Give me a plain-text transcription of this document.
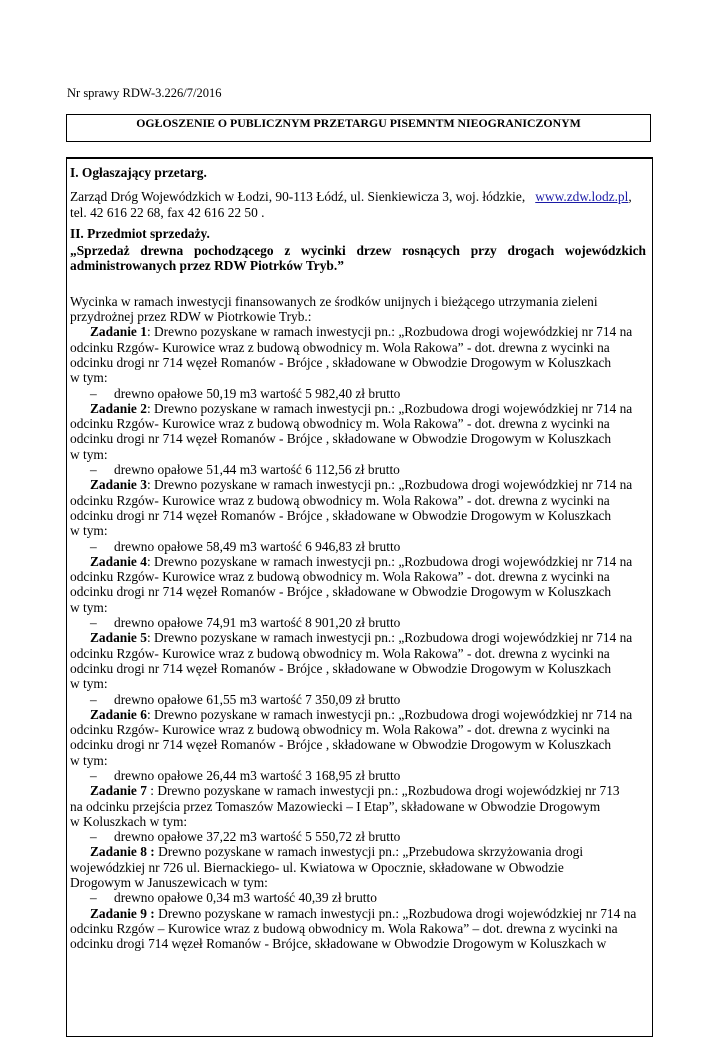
Nr sprawy RDW-3.226/7/2016
OGŁOSZENIE O PUBLICZNYM PRZETARGU PISEMNTM NIEOGRANICZONYM

I. Ogłaszający przetarg.

Zarząd Dróg Wojewódzkich w Łodzi, 90-113 Łódź, ul. Sienkiewicza 3, woj. łódzkie, www.zdw.lodz.pl,

tel. 42 616 22 68, fax 42 616 22 50 .

II. Przedmiot sprzedaży.

„Sprzedaż drewna pochodzącego z wycinki drzew rosnących przy drogach wojewódzkich administrowanych przez RDW Piotrków Tryb.”

Wycinka w ramach inwestycji finansowanych ze środków unijnych i bieżącego utrzymania zieleni przydrożnej przez RDW w Piotrkowie Tryb.:

Zadanie 1: Drewno pozyskane w ramach inwestycji pn.: „Rozbudowa drogi wojewódzkiej nr 714 na

odcinku Rzgów- Kurowice wraz z budową obwodnicy m. Wola Rakowa” - dot. drewna z wycinki na

odcinku drogi nr 714 węzeł Romanów - Brójce , składowane w Obwodzie Drogowym w Koluszkach

w tym:

– drewno opałowe 50,19 m3 wartość 5 982,40 zł brutto

Zadanie 2: Drewno pozyskane w ramach inwestycji pn.: „Rozbudowa drogi wojewódzkiej nr 714 na

odcinku Rzgów- Kurowice wraz z budową obwodnicy m. Wola Rakowa” - dot. drewna z wycinki na

odcinku drogi nr 714 węzeł Romanów - Brójce , składowane w Obwodzie Drogowym w Koluszkach

w tym:

– drewno opałowe 51,44 m3 wartość 6 112,56 zł brutto

Zadanie 3: Drewno pozyskane w ramach inwestycji pn.: „Rozbudowa drogi wojewódzkiej nr 714 na

odcinku Rzgów- Kurowice wraz z budową obwodnicy m. Wola Rakowa” - dot. drewna z wycinki na

odcinku drogi nr 714 węzeł Romanów - Brójce , składowane w Obwodzie Drogowym w Koluszkach

w tym:

– drewno opałowe 58,49 m3 wartość 6 946,83 zł brutto

Zadanie 4: Drewno pozyskane w ramach inwestycji pn.: „Rozbudowa drogi wojewódzkiej nr 714 na

odcinku Rzgów- Kurowice wraz z budową obwodnicy m. Wola Rakowa” - dot. drewna z wycinki na

odcinku drogi nr 714 węzeł Romanów - Brójce , składowane w Obwodzie Drogowym w Koluszkach

w tym:

– drewno opałowe 74,91 m3 wartość 8 901,20 zł brutto

Zadanie 5: Drewno pozyskane w ramach inwestycji pn.: „Rozbudowa drogi wojewódzkiej nr 714 na

odcinku Rzgów- Kurowice wraz z budową obwodnicy m. Wola Rakowa” - dot. drewna z wycinki na

odcinku drogi nr 714 węzeł Romanów - Brójce , składowane w Obwodzie Drogowym w Koluszkach

w tym:

– drewno opałowe 61,55 m3 wartość 7 350,09 zł brutto

Zadanie 6: Drewno pozyskane w ramach inwestycji pn.: „Rozbudowa drogi wojewódzkiej nr 714 na

odcinku Rzgów- Kurowice wraz z budową obwodnicy m. Wola Rakowa” - dot. drewna z wycinki na

odcinku drogi nr 714 węzeł Romanów - Brójce , składowane w Obwodzie Drogowym w Koluszkach

w tym:

– drewno opałowe 26,44 m3 wartość 3 168,95 zł brutto

Zadanie 7 : Drewno pozyskane w ramach inwestycji pn.: „Rozbudowa drogi wojewódzkiej nr 713

na odcinku przejścia przez Tomaszów Mazowiecki – I Etap”, składowane w Obwodzie Drogowym

w Koluszkach w tym:

– drewno opałowe 37,22 m3 wartość 5 550,72 zł brutto

Zadanie 8 : Drewno pozyskane w ramach inwestycji pn.: „Przebudowa skrzyżowania drogi

wojewódzkiej nr 726 ul. Biernackiego- ul. Kwiatowa w Opocznie, składowane w Obwodzie

Drogowym w Januszewicach w tym:

– drewno opałowe 0,34 m3 wartość 40,39 zł brutto

Zadanie 9 : Drewno pozyskane w ramach inwestycji pn.: „Rozbudowa drogi wojewódzkiej nr 714 na

odcinku Rzgów – Kurowice wraz z budową obwodnicy m. Wola Rakowa” – dot. drewna z wycinki na

odcinku drogi 714 węzeł Romanów - Brójce, składowane w Obwodzie Drogowym w Koluszkach w
